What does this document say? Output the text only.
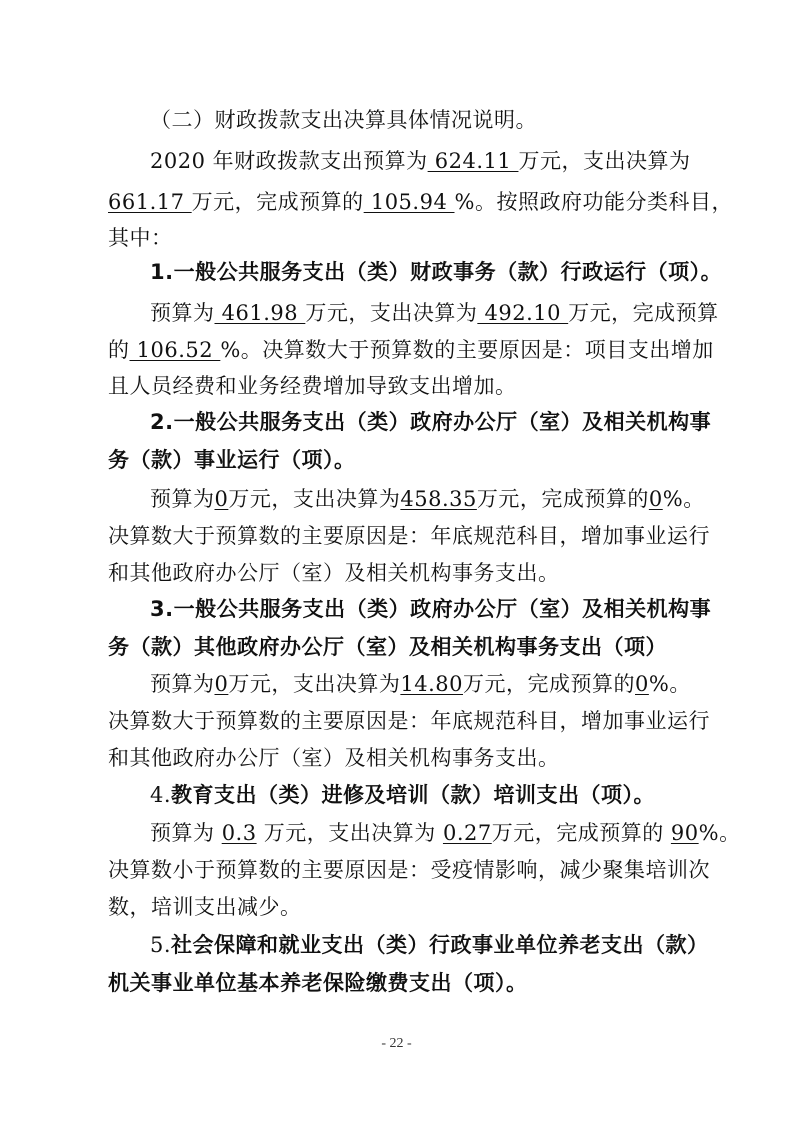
（二）财政拨款支出决算具体情况说明。
2020 年财政拨款支出预算为 624.11 万元，支出决算为
661.17 万元，完成预算的 105.94 %。按照政府功能分类科目，
其中：
1.一般公共服务支出（类）财政事务（款）行政运行（项）。
预算为 461.98 万元，支出决算为 492.10 万元，完成预算
的 106.52 %。决算数大于预算数的主要原因是：项目支出增加
且人员经费和业务经费增加导致支出增加。
2.一般公共服务支出（类）政府办公厅（室）及相关机构事
务（款）事业运行（项）。
预算为0万元，支出决算为458.35万元，完成预算的0%。
决算数大于预算数的主要原因是：年底规范科目，增加事业运行
和其他政府办公厅（室）及相关机构事务支出。
3.一般公共服务支出（类）政府办公厅（室）及相关机构事
务（款）其他政府办公厅（室）及相关机构事务支出（项）
预算为0万元，支出决算为14.80万元，完成预算的0%。
决算数大于预算数的主要原因是：年底规范科目，增加事业运行
和其他政府办公厅（室）及相关机构事务支出。
4.教育支出（类）进修及培训（款）培训支出（项）。
预算为 0.3 万元，支出决算为 0.27万元，完成预算的 90%。
决算数小于预算数的主要原因是：受疫情影响，减少聚集培训次
数，培训支出减少。
5.社会保障和就业支出（类）行政事业单位养老支出（款）
机关事业单位基本养老保险缴费支出（项）。
- 22 -
